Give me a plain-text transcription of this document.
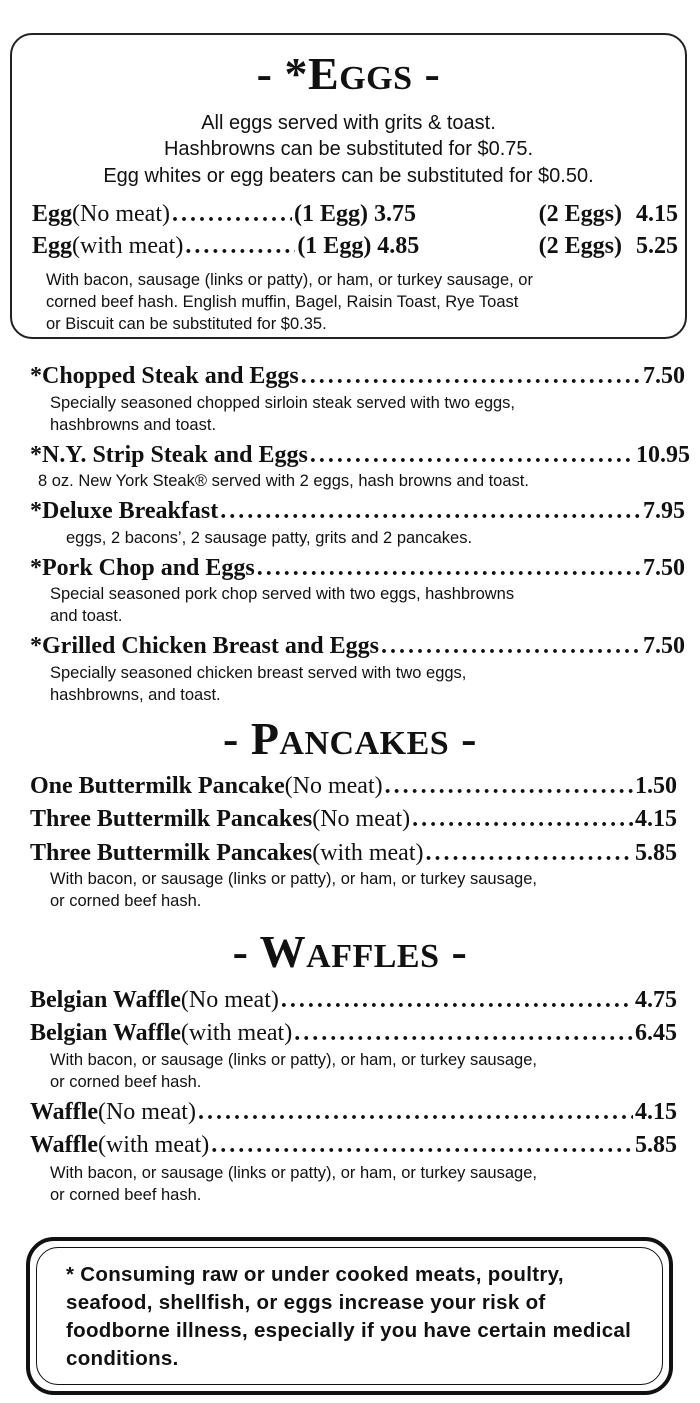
- *EGGS -
All eggs served with grits & toast.
Hashbrowns can be substituted for $0.75.
Egg whites or egg beaters can be substituted for $0.50.
Egg (No meat) .....	(1 Egg) 3.75	(2 Eggs) 4.15
Egg (with meat) .....	(1 Egg) 4.85	(2 Eggs) 5.25
With bacon, sausage (links or patty), or ham, or turkey sausage, or
corned beef hash. English muffin, Bagel, Raisin Toast, Rye Toast
or Biscuit can be substituted for $0.35.
*Chopped Steak and Eggs .....	7.50
Specially seasoned chopped sirloin steak served with two eggs,
hashbrowns and toast.
*N.Y. Strip Steak and Eggs .....	10.95
8 oz. New York Steak® served with 2 eggs, hash browns and toast.
*Deluxe Breakfast .....	7.95
eggs, 2 bacons’, 2 sausage patty, grits and 2 pancakes.
*Pork Chop and Eggs .....	7.50
Special seasoned pork chop served with two eggs, hashbrowns
and toast.
*Grilled Chicken Breast and Eggs .....	7.50
Specially seasoned chicken breast served with two eggs,
hashbrowns, and toast.
- PANCAKES -
One Buttermilk Pancake (No meat) .....	1.50
Three Buttermilk Pancakes (No meat) .....	4.15
Three Buttermilk Pancakes (with meat) .....	5.85
With bacon, or sausage (links or patty), or ham, or turkey sausage,
or corned beef hash.
- WAFFLES -
Belgian Waffle (No meat) .....	4.75
Belgian Waffle (with meat) .....	6.45
With bacon, or sausage (links or patty), or ham, or turkey sausage,
or corned beef hash.
Waffle (No meat) .....	4.15
Waffle (with meat) .....	5.85
With bacon, or sausage (links or patty), or ham, or turkey sausage,
or corned beef hash.
* Consuming raw or under cooked meats, poultry, seafood, shellfish, or eggs increase your risk of foodborne illness, especially if you have certain medical conditions.
